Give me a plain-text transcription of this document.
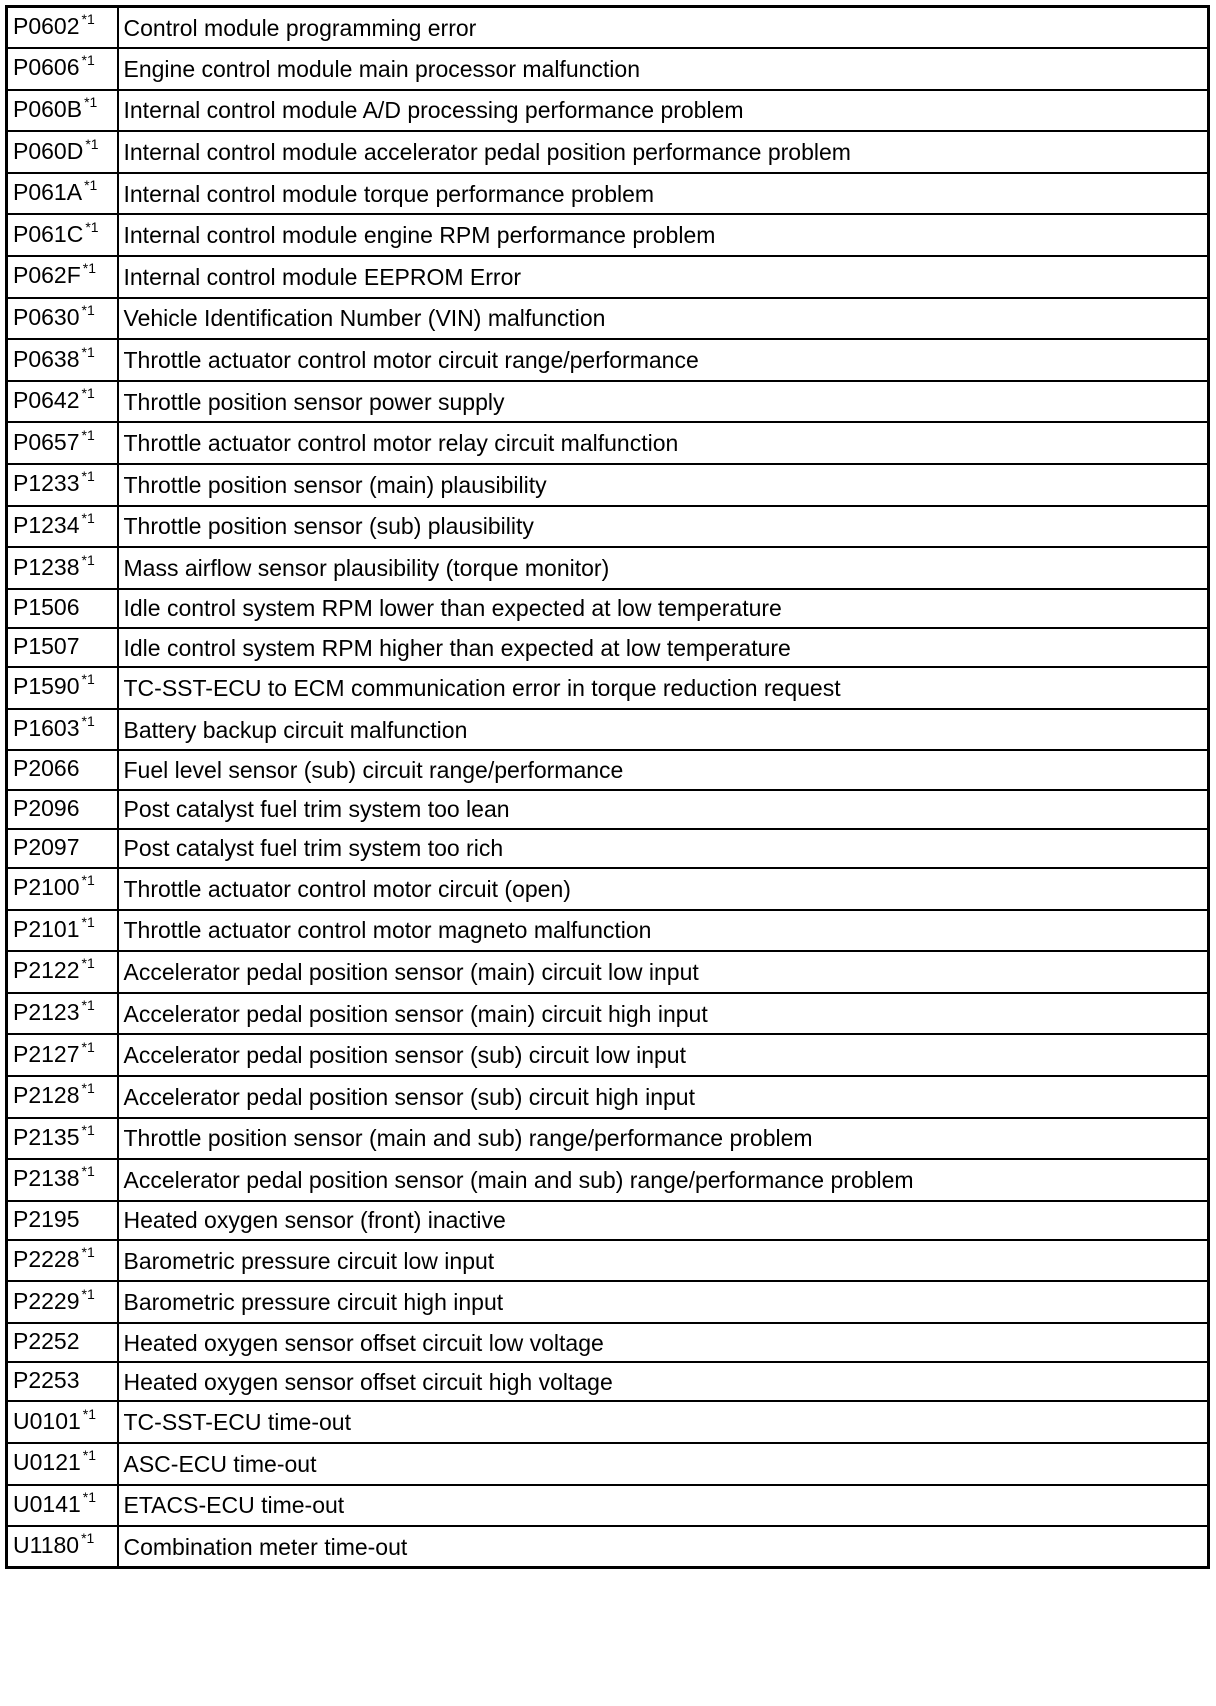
P0602 $^{*1}$	Control module programming error
P0606 $^{*1}$	Engine control module main processor malfunction
P060B $^{*1}$	Internal control module A/D processing performance problem
P060D $^{*1}$	Internal control module accelerator pedal position performance problem
P061A $^{*1}$	Internal control module torque performance problem
P061C $^{*1}$	Internal control module engine RPM performance problem
P062F $^{*1}$	Internal control module EEPROM Error
P0630 $^{*1}$	Vehicle Identification Number (VIN) malfunction
P0638 $^{*1}$	Throttle actuator control motor circuit range/performance
P0642 $^{*1}$	Throttle position sensor power supply
P0657 $^{*1}$	Throttle actuator control motor relay circuit malfunction
P1233 $^{*1}$	Throttle position sensor (main) plausibility
P1234 $^{*1}$	Throttle position sensor (sub) plausibility
P1238 $^{*1}$	Mass airflow sensor plausibility (torque monitor)
P1506	Idle control system RPM lower than expected at low temperature
P1507	Idle control system RPM higher than expected at low temperature
P1590 $^{*1}$	TC-SST-ECU to ECM communication error in torque reduction request
P1603 $^{*1}$	Battery backup circuit malfunction
P2066	Fuel level sensor (sub) circuit range/performance
P2096	Post catalyst fuel trim system too lean
P2097	Post catalyst fuel trim system too rich
P2100 $^{*1}$	Throttle actuator control motor circuit (open)
P2101 $^{*1}$	Throttle actuator control motor magneto malfunction
P2122 $^{*1}$	Accelerator pedal position sensor (main) circuit low input
P2123 $^{*1}$	Accelerator pedal position sensor (main) circuit high input
P2127 $^{*1}$	Accelerator pedal position sensor (sub) circuit low input
P2128 $^{*1}$	Accelerator pedal position sensor (sub) circuit high input
P2135 $^{*1}$	Throttle position sensor (main and sub) range/performance problem
P2138 $^{*1}$	Accelerator pedal position sensor (main and sub) range/performance problem
P2195	Heated oxygen sensor (front) inactive
P2228 $^{*1}$	Barometric pressure circuit low input
P2229 $^{*1}$	Barometric pressure circuit high input
P2252	Heated oxygen sensor offset circuit low voltage
P2253	Heated oxygen sensor offset circuit high voltage
U0101 $^{*1}$	TC-SST-ECU time-out
U0121 $^{*1}$	ASC-ECU time-out
U0141 $^{*1}$	ETACS-ECU time-out
U1180 $^{*1}$	Combination meter time-out
